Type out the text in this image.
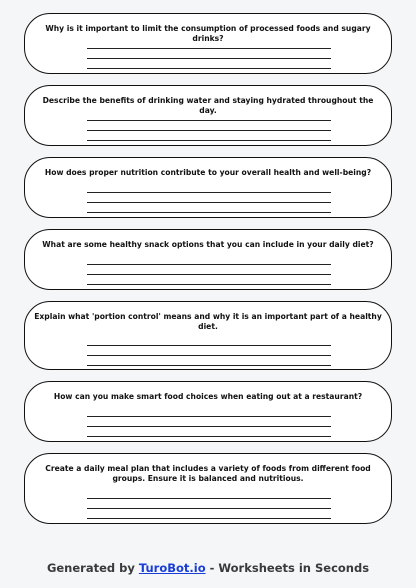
Why is it important to limit the consumption of processed foods and sugary drinks?

Describe the benefits of drinking water and staying hydrated throughout the day.

How does proper nutrition contribute to your overall health and well-being?

What are some healthy snack options that you can include in your daily diet?

Explain what 'portion control' means and why it is an important part of a healthy diet.

How can you make smart food choices when eating out at a restaurant?

Create a daily meal plan that includes a variety of foods from different food groups. Ensure it is balanced and nutritious.

Generated by TuroBot.io - Worksheets in Seconds
